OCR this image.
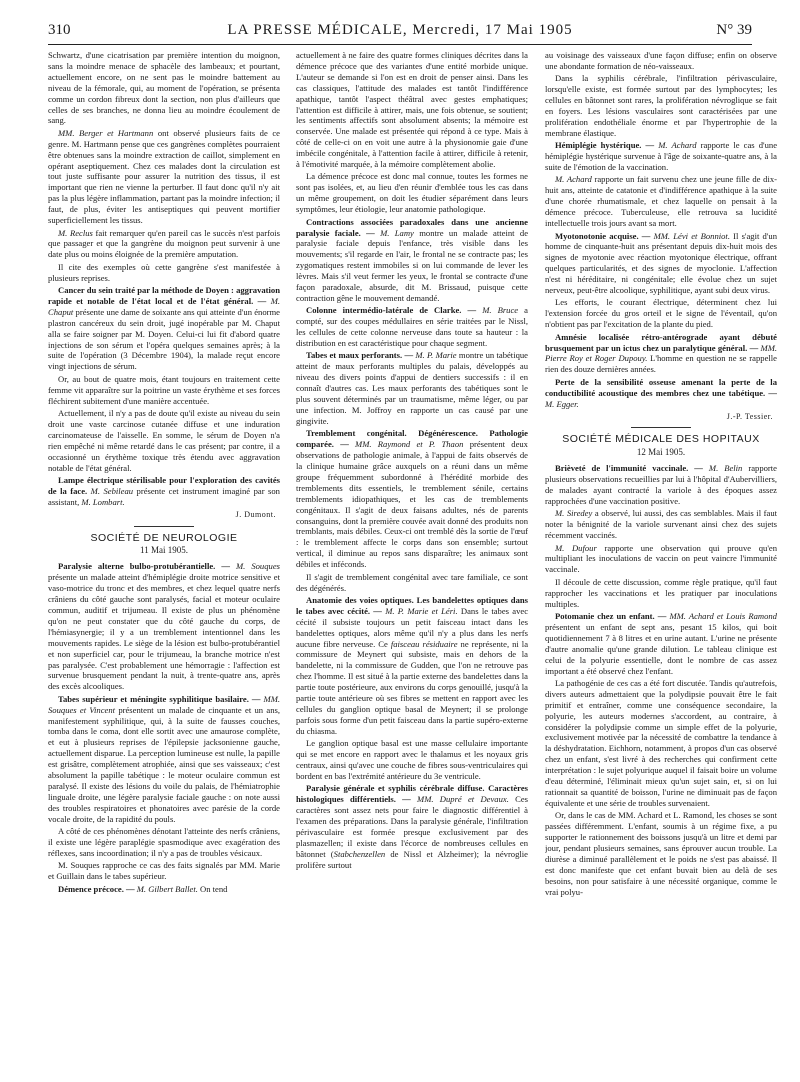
310	LA PRESSE MÉDICALE, Mercredi, 17 Mai 1905	N° 39

Schwartz, d'une cicatrisation par première intention du moignon, sans la moindre menace de sphacèle des lambeaux; et pourtant, actuellement encore, on ne sent pas le moindre battement au niveau de la fémorale, qui, au moment de l'opération, se présenta comme un cordon fibreux dont la section, non plus d'ailleurs que celles de ses branches, ne donna lieu au moindre écoulement de sang.

MM. Berger et Hartmann ont observé plusieurs faits de ce genre. M. Hartmann pense que ces gangrènes complètes pourraient être obtenues sans la moindre extraction de caillot, simplement en opérant aseptiquement. Chez ces malades dont la circulation est tout juste suffisante pour assurer la nutrition des tissus, il est important que rien ne vienne la perturber. Il faut donc qu'il n'y ait pas la plus légère inflammation, partant pas la moindre infection; il faut, de plus, éviter les antiseptiques qui peuvent mortifier superficiellement les tissus.

M. Reclus fait remarquer qu'en pareil cas le succès n'est parfois que passager et que la gangrène du moignon peut survenir à une date plus ou moins éloignée de la première amputation.

Il cite des exemples où cette gangrène s'est manifestée à plusieurs reprises.

Cancer du sein traité par la méthode de Doyen : aggravation rapide et notable de l'état local et de l'état général. — M. Chaput présente une dame de soixante ans qui atteinte d'un énorme plastron cancéreux du sein droit, jugé inopérable par M. Chaput alla se faire soigner par M. Doyen. Celui-ci lui fit d'abord quatre injections de son sérum et l'opéra quelques semaines après; à la suite de l'opération (3 Décembre 1904), la malade reçut encore vingt injections de sérum.

Or, au bout de quatre mois, étant toujours en traitement cette femme vit apparaître sur la poitrine un vaste érythème et ses forces fléchirent subitement d'une manière accentuée.

Actuellement, il n'y a pas de doute qu'il existe au niveau du sein droit une vaste carcinose cutanée diffuse et une induration carcinomateuse de l'aisselle. En somme, le sérum de Doyen n'a rien empêché ni même retardé dans le cas présent; par contre, il a occasionné un érythème toxique très étendu avec aggravation notable de l'état général.

Lampe électrique stérilisable pour l'exploration des cavités de la face. M. Sebileau présente cet instrument imaginé par son assistant, M. Lombart.

J. Dumont.

SOCIÉTÉ DE NEUROLOGIE
11 Mai 1905.

Paralysie alterne bulbo-protubérantielle. — M. Souques présente un malade atteint d'hémiplégie droite motrice sensitive et vaso-motrice du tronc et des membres, et chez lequel quatre nerfs crâniens du côté gauche sont paralysés, facial et moteur oculaire commun, auditif et trijumeau. Il existe de plus un phénomène qu'on ne peut constater que du côté gauche du corps, de l'hémiasynergie; il y a un tremblement intentionnel dans les mouvements rapides. Le siège de la lésion est bulbo-protubérantiel et non superficiel car, pour le trijumeau, la branche motrice n'est pas paralysée. C'est probablement une hémorragie : l'affection est survenue brusquement pendant la nuit, à trente-quatre ans, après des excès alcooliques.

Tabes supérieur et méningite syphilitique basilaire. — MM. Souques et Vincent présentent un malade de cinquante et un ans, manifestement syphilitique, qui, à la suite de fausses couches, tomba dans le coma, dont elle sortit avec une amaurose complète, et eut à plusieurs reprises de l'épilepsie jacksonienne gauche, actuellement disparue. La perception lumineuse est nulle, la papille est grisâtre, complètement atrophiée, ainsi que ses vaisseaux; c'est absolument la papille tabétique : le moteur oculaire commun est paralysé. Il existe des lésions du voile du palais, de l'hémiatrophie linguale droite, une légère paralysie faciale gauche : on note aussi des troubles respiratoires et phonatoires avec parésie de la corde vocale droite, de la rapidité du pouls.

A côté de ces phénomènes dénotant l'atteinte des nerfs crâniens, il existe une légère paraplégie spasmodique avec exagération des réflexes, sans incoordination; il n'y a pas de troubles vésicaux.

M. Souques rapproche ce cas des faits signalés par MM. Marie et Guillain dans le tabes supérieur.

Démence précoce. — M. Gilbert Ballet. On tend

actuellement à ne faire des quatre formes cliniques décrites dans la démence précoce que des variantes d'une entité morbide unique. L'auteur se demande si l'on est en droit de penser ainsi. Dans les cas classiques, l'attitude des malades est tantôt l'indifférence apathique, tantôt l'aspect théâtral avec gestes emphatiques; l'attention est difficile à attirer, mais, une fois obtenue, se soutient; les sentiments affectifs sont absolument absents; la mémoire est conservée. Une malade est présentée qui répond à ce type. Mais à côté de celle-ci on en voit une autre à la physionomie gaie d'une imbécile congénitale, à l'attention facile à attirer, difficile à retenir, à l'émotivité marquée, à la mémoire complètement abolie.

La démence précoce est donc mal connue, toutes les formes ne sont pas isolées, et, au lieu d'en réunir d'emblée tous les cas dans un même groupement, on doit les étudier séparément dans leurs symptômes, leur étiologie, leur anatomie pathologique.

Contractions associées paradoxales dans une ancienne paralysie faciale. — M. Lamy montre un malade atteint de paralysie faciale depuis l'enfance, très visible dans les mouvements; s'il regarde en l'air, le frontal ne se contracte pas; les zygomatiques restent immobiles si on lui commande de lever les lèvres. Mais s'il veut fermer les yeux, le frontal se contracte d'une façon paradoxale, absurde, dit M. Brissaud, puisque cette contraction gêne le mouvement demandé.

Colonne intermédio-latérale de Clarke. — M. Bruce a compté, sur des coupes médullaires en série traitées par le Nissl, les cellules de cette colonne nerveuse dans toute sa hauteur : la distribution en est caractéristique pour chaque segment.

Tabes et maux perforants. — M. P. Marie montre un tabétique atteint de maux perforants multiples du palais, développés au niveau des divers points d'appui de dentiers successifs : il en connaît d'autres cas. Les maux perforants des tabétiques sont le plus souvent déterminés par un traumatisme, même léger, ou par une infection. M. Joffroy en rapporte un cas causé par une gingivite.

Tremblement congénital. Dégénérescence. Pathologie comparée. — MM. Raymond et P. Thaon présentent deux observations de pathologie animale, à l'appui de faits observés de la clinique humaine grâce auxquels on a réuni dans un même groupe fréquemment subordonné à l'hérédité morbide des tremblements dits essentiels, le tremblement sénile, certains tremblements idiopathiques, et les cas de tremblements congénitaux. Il s'agit de deux faisans adultes, nés de parents consanguins, dont la première couvée avait donné des produits non tremblants, mais débiles. Ceux-ci ont tremblé dès la sortie de l'œuf : le tremblement affecte le corps dans son ensemble; surtout vertical, il diminue au repos sans disparaître; les animaux sont débiles et inféconds.

Il s'agit de tremblement congénital avec tare familiale, ce sont des dégénérés.

Anatomie des voies optiques. Les bandelettes optiques dans le tabes avec cécité. — M. P. Marie et Léri. Dans le tabes avec cécité il subsiste toujours un petit faisceau intact dans les bandelettes optiques, alors même qu'il n'y a plus dans les nerfs aucune fibre nerveuse. Ce faisceau résiduaire ne représente, ni la commissure de Meynert qui subsiste, mais en dehors de la bandelette, ni la commissure de Gudden, que l'on ne retrouve pas chez l'homme. Il est situé à la partie externe des bandelettes dans la partie toute postérieure, aux environs du corps genouillé, jusqu'à la partie toute antérieure où ses fibres se mettent en rapport avec les cellules du ganglion optique basal de Meynert; il se prolonge parfois sous forme d'un petit faisceau dans la partie supéro-externe du chiasma.

Le ganglion optique basal est une masse cellulaire importante qui se met encore en rapport avec le thalamus et les noyaux gris centraux, ainsi qu'avec une couche de fibres sous-ventriculaires qui bordent en bas l'extrémité antérieure du 3e ventricule.

Paralysie générale et syphilis cérébrale diffuse. Caractères histologiques différentiels. — MM. Dupré et Devaux. Ces caractères sont assez nets pour faire le diagnostic différentiel à l'examen des préparations. Dans la paralysie générale, l'infiltration périvasculaire est formée presque exclusivement par des plasmazellen; il existe dans l'écorce de nombreuses cellules en bâtonnet (Stabchenzellen de Nissl et Alzheimer); la névroglie prolifère surtout

au voisinage des vaisseaux d'une façon diffuse; enfin on observe une abondante formation de néo-vaisseaux.

Dans la syphilis cérébrale, l'infiltration périvasculaire, lorsqu'elle existe, est formée surtout par des lymphocytes; les cellules en bâtonnet sont rares, la prolifération névroglique se fait en foyers. Les lésions vasculaires sont caractérisées par une prolifération endothéliale énorme et par l'hypertrophie de la membrane élastique.

Hémiplégie hystérique. — M. Achard rapporte le cas d'une hémiplégie hystérique survenue à l'âge de soixante-quatre ans, à la suite de l'émotion de la vaccination.

M. Achard rapporte un fait survenu chez une jeune fille de dix-huit ans, atteinte de catatonie et d'indifférence apathique à la suite d'une chorée rhumatismale, et chez laquelle on pensait à la démence précoce. Tuberculeuse, elle retrouva sa lucidité intellectuelle trois jours avant sa mort.

Myotonotonie acquise. — MM. Lévi et Bonniot. Il s'agit d'un homme de cinquante-huit ans présentant depuis dix-huit mois des signes de myotonie avec réaction myotonique électrique, offrant quelques particularités, et des signes de myoclonie. L'affection n'est ni héréditaire, ni congénitale; elle évolue chez un sujet nerveux, peut-être alcoolique, syphilitique, ayant subi deux virus.

Les efforts, le courant électrique, déterminent chez lui l'extension forcée du gros orteil et le signe de l'éventail, qu'on n'obtient pas par l'excitation de la plante du pied.

Amnésie localisée rétro-antérograde ayant débuté brusquement par un ictus chez un paralytique général. — MM. Pierre Roy et Roger Dupouy. L'homme en question ne se rappelle rien des douze dernières années.

Perte de la sensibilité osseuse amenant la perte de la conductibilité acoustique des membres chez une tabétique. — M. Egger.

J.-P. Tessier.

SOCIÉTÉ MÉDICALE DES HOPITAUX
12 Mai 1905.

Brièveté de l'immunité vaccinale. — M. Belin rapporte plusieurs observations recueillies par lui à l'hôpital d'Aubervilliers, de malades ayant contracté la variole à des époques assez rapprochées d'une vaccination positive.

M. Siredey a observé, lui aussi, des cas semblables. Mais il faut noter la bénignité de la variole survenant ainsi chez des sujets récemment vaccinés.

M. Dufour rapporte une observation qui prouve qu'en multipliant les inoculations de vaccin on peut vaincre l'immunité vaccinale.

Il découle de cette discussion, comme règle pratique, qu'il faut rapprocher les vaccinations et les pratiquer par inoculations multiples.

Potomanie chez un enfant. — MM. Achard et Louis Ramond présentent un enfant de sept ans, pesant 15 kilos, qui boit quotidiennement 7 à 8 litres et en urine autant. L'urine ne présente d'autre anomalie qu'une grande dilution. Le tableau clinique est celui de la polyurie essentielle, dont le nombre de cas assez important a été observé chez l'enfant.

La pathogénie de ces cas a été fort discutée. Tandis qu'autrefois, divers auteurs admettaient que la polydipsie pouvait être le fait primitif et entraîner, comme une conséquence secondaire, la polyurie, les auteurs modernes s'accordent, au contraire, à considérer la polydipsie comme un simple effet de la polyurie, exclusivement motivée par la nécessité de combattre la tendance à la déshydratation. Eichhorn, notamment, à propos d'un cas observé chez un enfant, s'est livré à des recherches qui confirment cette interprétation : le sujet polyurique auquel il faisait boire un volume d'eau déterminé, l'éliminait mieux qu'un sujet sain, et, si on lui rationnait sa quantité de boisson, l'urine ne diminuait pas de façon équivalente et une série de troubles survenaient.

Or, dans le cas de MM. Achard et L. Ramond, les choses se sont passées différemment. L'enfant, soumis à un régime fixe, a pu supporter le rationnement des boissons jusqu'à un litre et demi par jour, pendant plusieurs semaines, sans éprouver aucun trouble. La diurèse a diminué parallèlement et le poids ne s'est pas abaissé. Il est donc manifeste que cet enfant buvait bien au delà de ses besoins, non pour satisfaire à une nécessité organique, comme le vrai polyu-
